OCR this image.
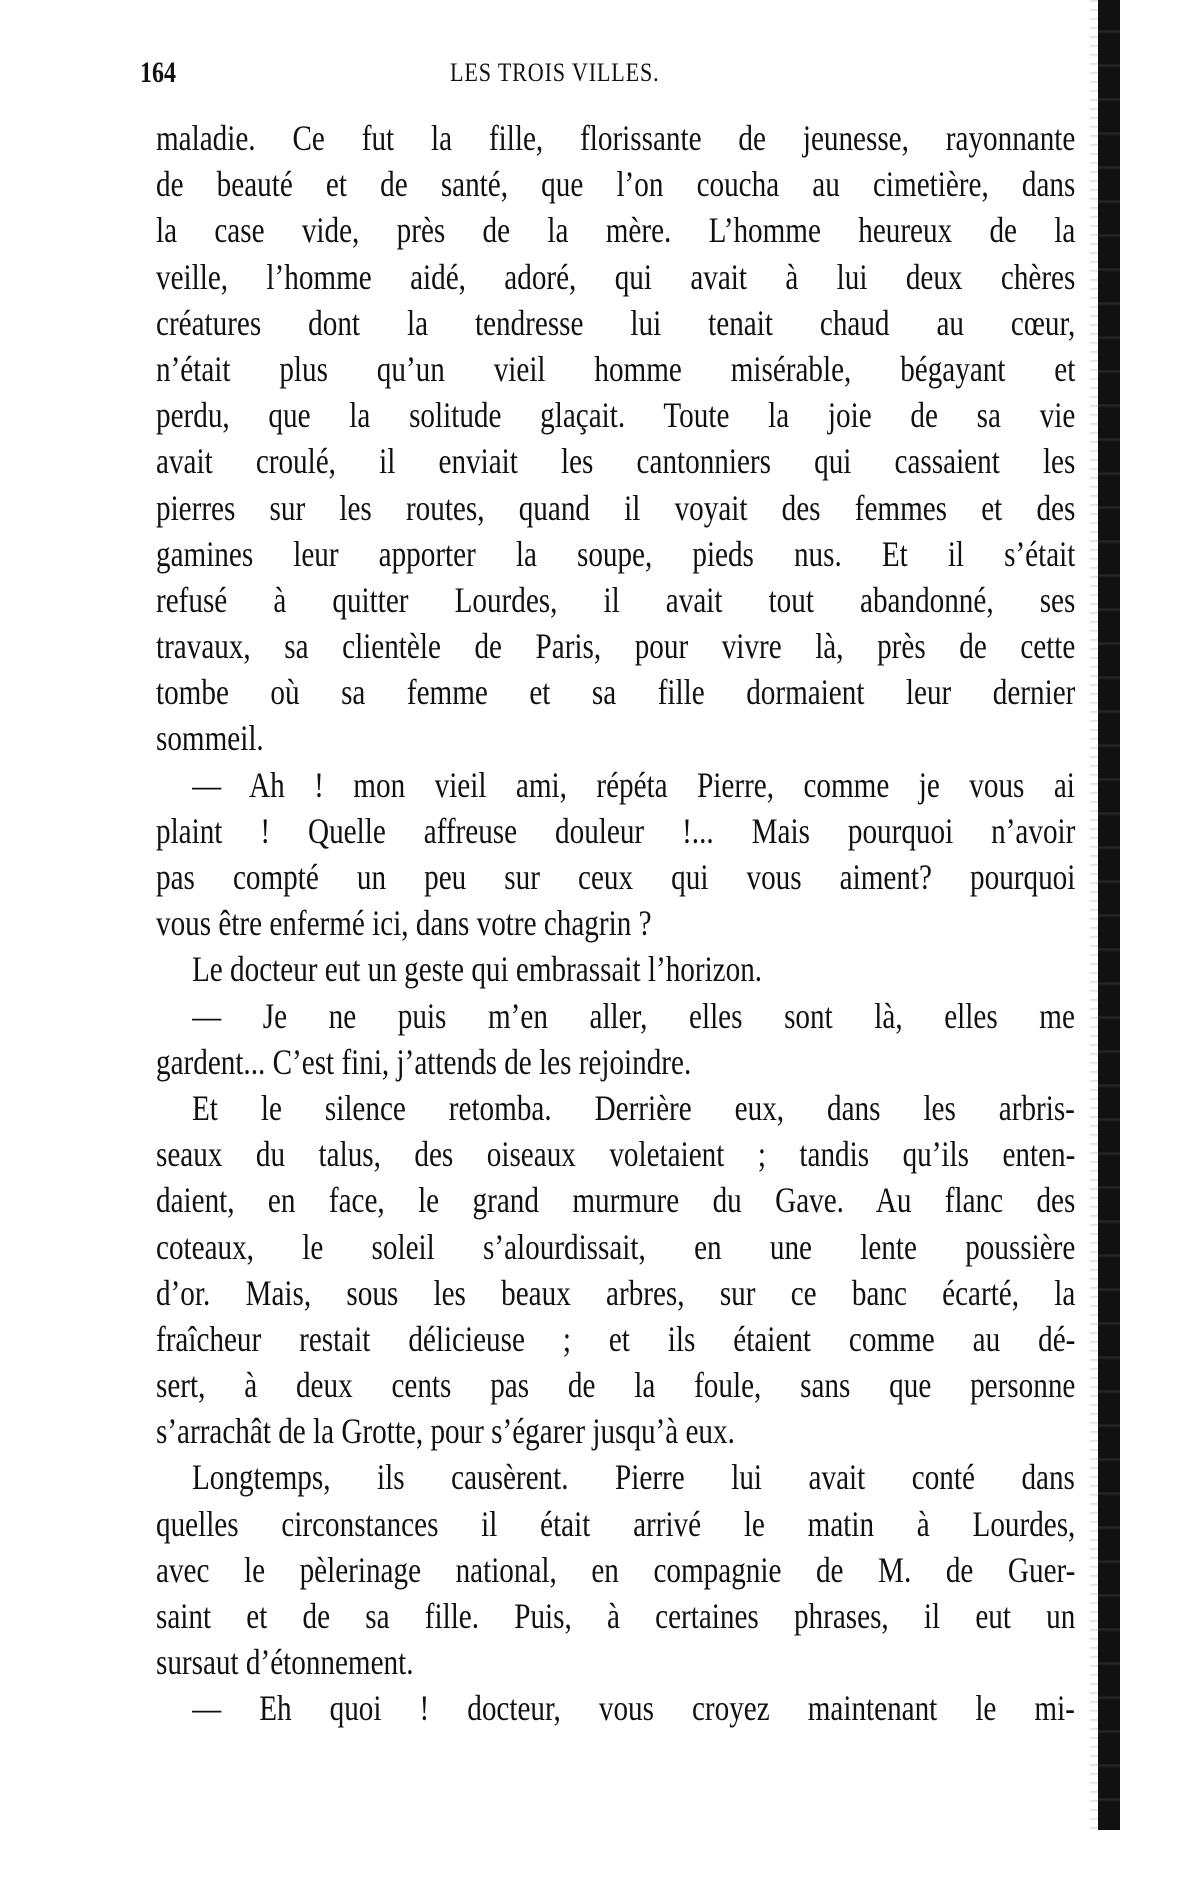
164	LES TROIS VILLES.
maladie. Ce fut la fille, florissante de jeunesse, rayonnante
de beauté et de santé, que l’on coucha au cimetière, dans
la case vide, près de la mère. L’homme heureux de la
veille, l’homme aidé, adoré, qui avait à lui deux chères
créatures dont la tendresse lui tenait chaud au cœur,
n’était plus qu’un vieil homme misérable, bégayant et
perdu, que la solitude glaçait. Toute la joie de sa vie
avait croulé, il enviait les cantonniers qui cassaient les
pierres sur les routes, quand il voyait des femmes et des
gamines leur apporter la soupe, pieds nus. Et il s’était
refusé à quitter Lourdes, il avait tout abandonné, ses
travaux, sa clientèle de Paris, pour vivre là, près de cette
tombe où sa femme et sa fille dormaient leur dernier
sommeil.
— Ah ! mon vieil ami, répéta Pierre, comme je vous ai
plaint ! Quelle affreuse douleur !... Mais pourquoi n’avoir
pas compté un peu sur ceux qui vous aiment? pourquoi
vous être enfermé ici, dans votre chagrin ?
Le docteur eut un geste qui embrassait l’horizon.
— Je ne puis m’en aller, elles sont là, elles me
gardent... C’est fini, j’attends de les rejoindre.
Et le silence retomba. Derrière eux, dans les arbris-
seaux du talus, des oiseaux voletaient ; tandis qu’ils enten-
daient, en face, le grand murmure du Gave. Au flanc des
coteaux, le soleil s’alourdissait, en une lente poussière
d’or. Mais, sous les beaux arbres, sur ce banc écarté, la
fraîcheur restait délicieuse ; et ils étaient comme au dé-
sert, à deux cents pas de la foule, sans que personne
s’arrachât de la Grotte, pour s’égarer jusqu’à eux.
Longtemps, ils causèrent. Pierre lui avait conté dans
quelles circonstances il était arrivé le matin à Lourdes,
avec le pèlerinage national, en compagnie de M. de Guer-
saint et de sa fille. Puis, à certaines phrases, il eut un
sursaut d’étonnement.
— Eh quoi ! docteur, vous croyez maintenant le mi-
